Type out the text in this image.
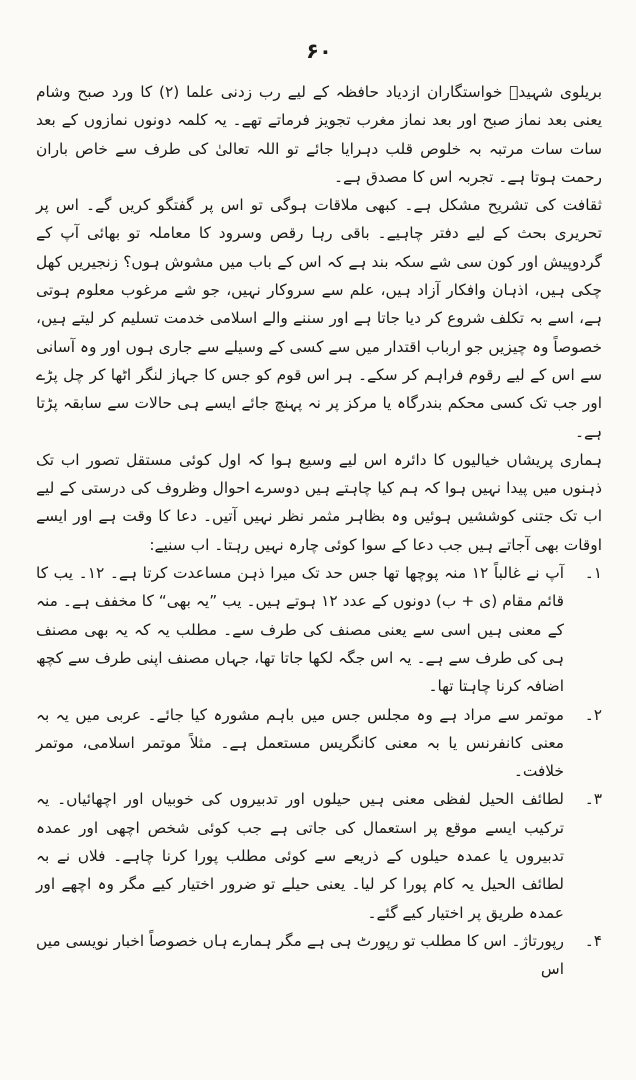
۶۰

بریلوی شہیدؒ خواستگاران ازدیاد حافظہ کے لیے رب زدنی علما (۲) کا ورد صبح وشام یعنی بعد نماز صبح اور بعد نماز مغرب تجویز فرماتے تھے۔ یہ کلمہ دونوں نمازوں کے بعد سات سات مرتبہ بہ خلوص قلب دہرایا جائے تو اللہ تعالیٰ کی طرف سے خاص باران رحمت ہوتا ہے۔ تجربہ اس کا مصدق ہے۔

ثقافت کی تشریح مشکل ہے۔ کبھی ملاقات ہوگی تو اس پر گفتگو کریں گے۔ اس پر تحریری بحث کے لیے دفتر چاہیے۔ باقی رہا رقص وسرود کا معاملہ تو بھائی آپ کے گردوپیش اور کون سی شے سکہ بند ہے کہ اس کے باب میں مشوش ہوں؟ زنجیریں کھل چکی ہیں، اذہان وافکار آزاد ہیں، علم سے سروکار نہیں، جو شے مرغوب معلوم ہوتی ہے، اسے بہ تکلف شروع کر دیا جاتا ہے اور سننے والے اسلامی خدمت تسلیم کر لیتے ہیں، خصوصاً وہ چیزیں جو ارباب اقتدار میں سے کسی کے وسیلے سے جاری ہوں اور وہ آسانی سے اس کے لیے رقوم فراہم کر سکے۔ ہر اس قوم کو جس کا جہاز لنگر اٹھا کر چل پڑے اور جب تک کسی محکم بندرگاہ یا مرکز پر نہ پہنچ جائے ایسے ہی حالات سے سابقہ پڑتا ہے۔

ہماری پریشاں خیالیوں کا دائرہ اس لیے وسیع ہوا کہ اول کوئی مستقل تصور اب تک ذہنوں میں پیدا نہیں ہوا کہ ہم کیا چاہتے ہیں دوسرے احوال وظروف کی درستی کے لیے اب تک جتنی کوششیں ہوئیں وہ بظاہر مثمر نظر نہیں آتیں۔ دعا کا وقت ہے اور ایسے اوقات بھی آجاتے ہیں جب دعا کے سوا کوئی چارہ نہیں رہتا۔ اب سنیے:

۱۔
آپ نے غالباً ۱۲ منہ پوچھا تھا جس حد تک میرا ذہن مساعدت کرتا ہے۔ ۱۲۔ یب کا قائم مقام (ی + ب) دونوں کے عدد ۱۲ ہوتے ہیں۔ یب ”یہ بھی“ کا مخفف ہے۔ منہ کے معنی ہیں اسی سے یعنی مصنف کی طرف سے۔ مطلب یہ کہ یہ بھی مصنف ہی کی طرف سے ہے۔ یہ اس جگہ لکھا جاتا تھا، جہاں مصنف اپنی طرف سے کچھ اضافہ کرنا چاہتا تھا۔
۲۔
موتمر سے مراد ہے وہ مجلس جس میں باہم مشورہ کیا جائے۔ عربی میں یہ بہ معنی کانفرنس یا بہ معنی کانگریس مستعمل ہے۔ مثلاً موتمر اسلامی، موتمر خلافت۔
۳۔
لطائف الحیل لفظی معنی ہیں حیلوں اور تدبیروں کی خوبیاں اور اچھائیاں۔ یہ ترکیب ایسے موقع پر استعمال کی جاتی ہے جب کوئی شخص اچھی اور عمدہ تدبیروں یا عمدہ حیلوں کے ذریعے سے کوئی مطلب پورا کرنا چاہے۔ فلاں نے بہ لطائف الحیل یہ کام پورا کر لیا۔ یعنی حیلے تو ضرور اختیار کیے مگر وہ اچھے اور عمدہ طریق پر اختیار کیے گئے۔
۴۔
رپورتاژ۔ اس کا مطلب تو رپورٹ ہی ہے مگر ہمارے ہاں خصوصاً اخبار نویسی میں اس
